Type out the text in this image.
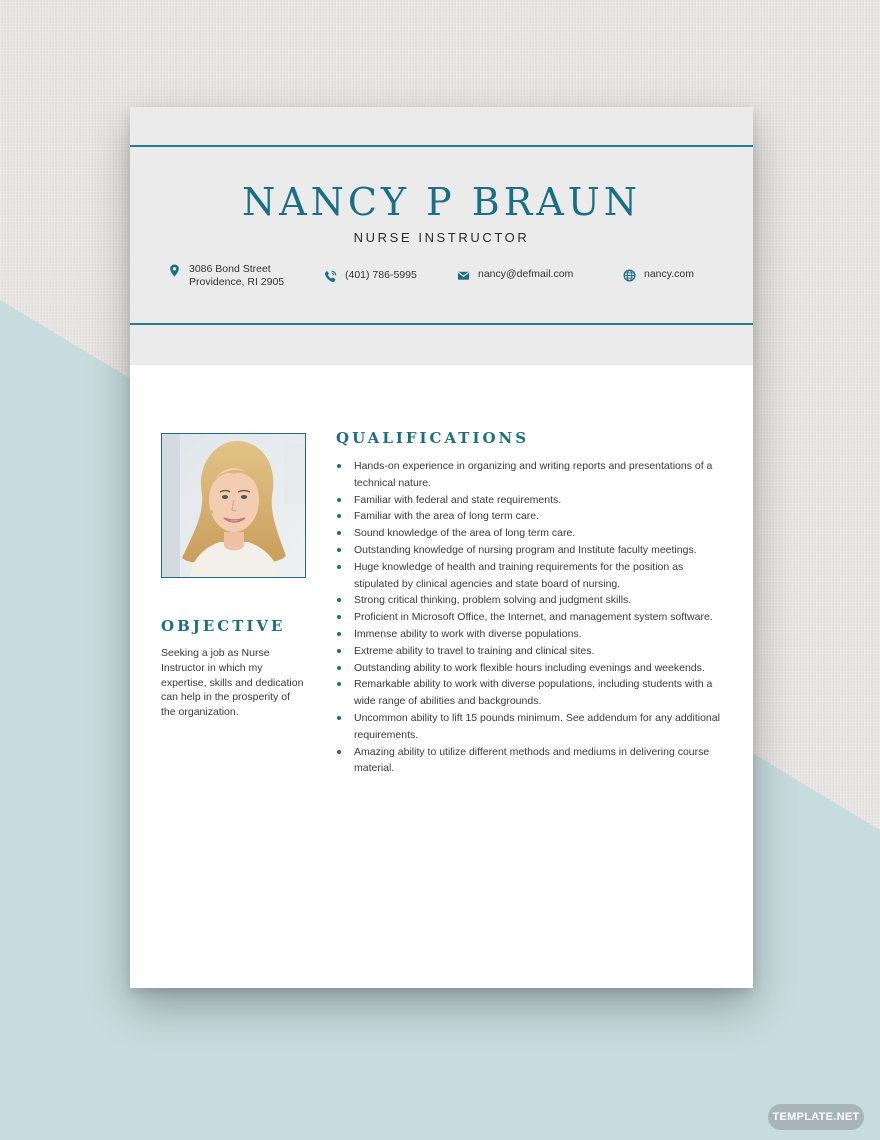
NANCY P BRAUN
NURSE INSTRUCTOR
3086 Bond Street
Providence, RI 2905
(401) 786-5995	nancy@defmail.com	nancy.com
OBJECTIVE
Seeking a job as Nurse Instructor in which my expertise, skills and dedication can help in the prosperity of the organization.
QUALIFICATIONS
Hands-on experience in organizing and writing reports and presentations of a technical nature.
Familiar with federal and state requirements.
Familiar with the area of long term care.
Sound knowledge of the area of long term care.
Outstanding knowledge of nursing program and Institute faculty meetings.
Huge knowledge of health and training requirements for the position as stipulated by clinical agencies and state board of nursing.
Strong critical thinking, problem solving and judgment skills.
Proficient in Microsoft Office, the Internet, and management system software.
Immense ability to work with diverse populations.
Extreme ability to travel to training and clinical sites.
Outstanding ability to work flexible hours including evenings and weekends.
Remarkable ability to work with diverse populations, including students with a wide range of abilities and backgrounds.
Uncommon ability to lift 15 pounds minimum. See addendum for any additional requirements.
Amazing ability to utilize different methods and mediums in delivering course material.
TEMPLATE.NET
